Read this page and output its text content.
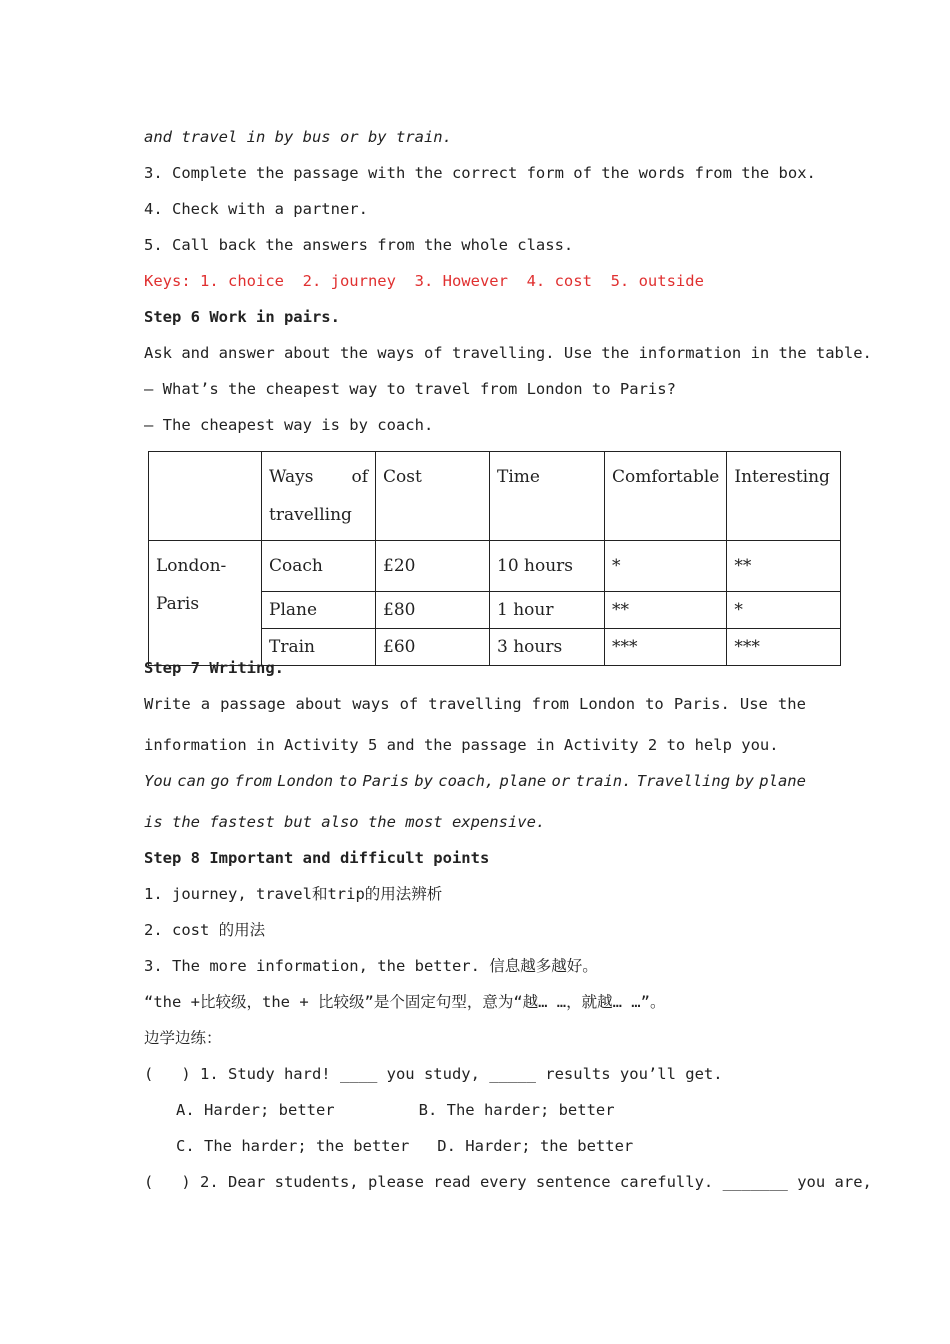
and travel in by bus or by train.
3. Complete the passage with the correct form of the words from the box.
4. Check with a partner.
5. Call back the answers from the whole class.
Keys: 1. choice  2. journey  3. However  4. cost  5. outside
Step 6 Work in pairs.
Ask and answer about the ways of travelling. Use the information in the table.
— What’s the cheapest way to travel from London to Paris?
— The cheapest way is by coach.

	Ways of
travelling	Cost	Time	Comfortable	Interesting

London-
Paris	Coach	£20	10 hours	*	**
	Plane	£80	1 hour	**	*
	Train	£60	3 hours	***	***
Step 7 Writing.
Write a passage about ways of travelling from London to Paris. Use the
information in Activity 5 and the passage in Activity 2 to help you.
You can go from London to Paris by coach, plane or train. Travelling by plane
is the fastest but also the most expensive.
Step 8 Important and difficult points
1. journey, travel和trip的用法辨析
2. cost 的用法
3. The more information, the better. 信息越多越好。
“the +比较级，the + 比较级”是个固定句型，意为“越… …，就越… …”。
边学边练：
(   ) 1. Study hard! ____ you study, _____ results you’ll get.
A. Harder; better         B. The harder; better
C. The harder; the better   D. Harder; the better
(   ) 2. Dear students, please read every sentence carefully. _______ you are,
